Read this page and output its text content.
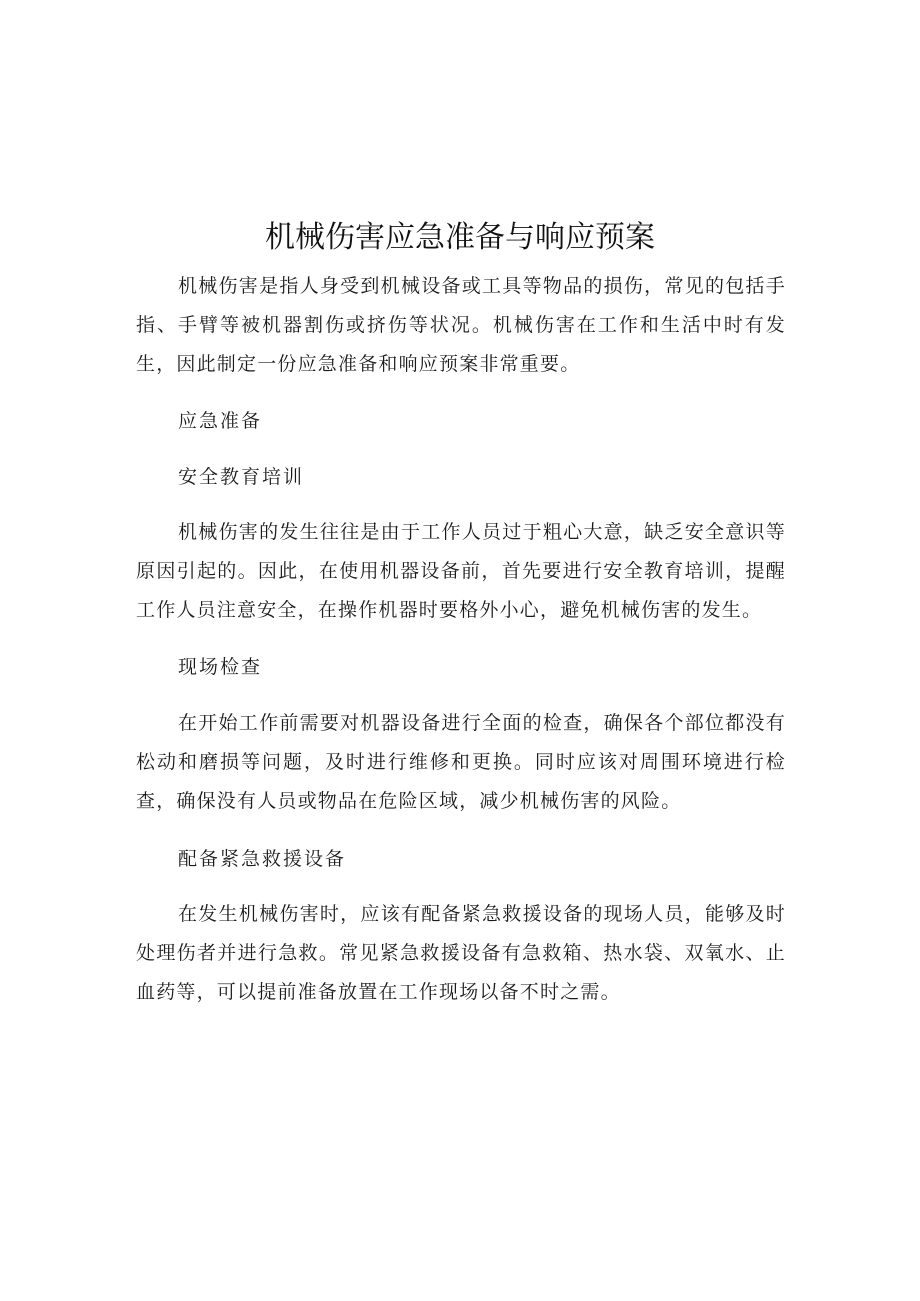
机械伤害应急准备与响应预案

机械伤害是指人身受到机械设备或工具等物品的损伤，常见的包括手指、手臂等被机器割伤或挤伤等状况。机械伤害在工作和生活中时有发生，因此制定一份应急准备和响应预案非常重要。

应急准备
安全教育培训

机械伤害的发生往往是由于工作人员过于粗心大意，缺乏安全意识等原因引起的。因此，在使用机器设备前，首先要进行安全教育培训，提醒工作人员注意安全，在操作机器时要格外小心，避免机械伤害的发生。

现场检查

在开始工作前需要对机器设备进行全面的检查，确保各个部位都没有松动和磨损等问题，及时进行维修和更换。同时应该对周围环境进行检查，确保没有人员或物品在危险区域，减少机械伤害的风险。

配备紧急救援设备

在发生机械伤害时，应该有配备紧急救援设备的现场人员，能够及时处理伤者并进行急救。常见紧急救援设备有急救箱、热水袋、双氧水、止血药等，可以提前准备放置在工作现场以备不时之需。
